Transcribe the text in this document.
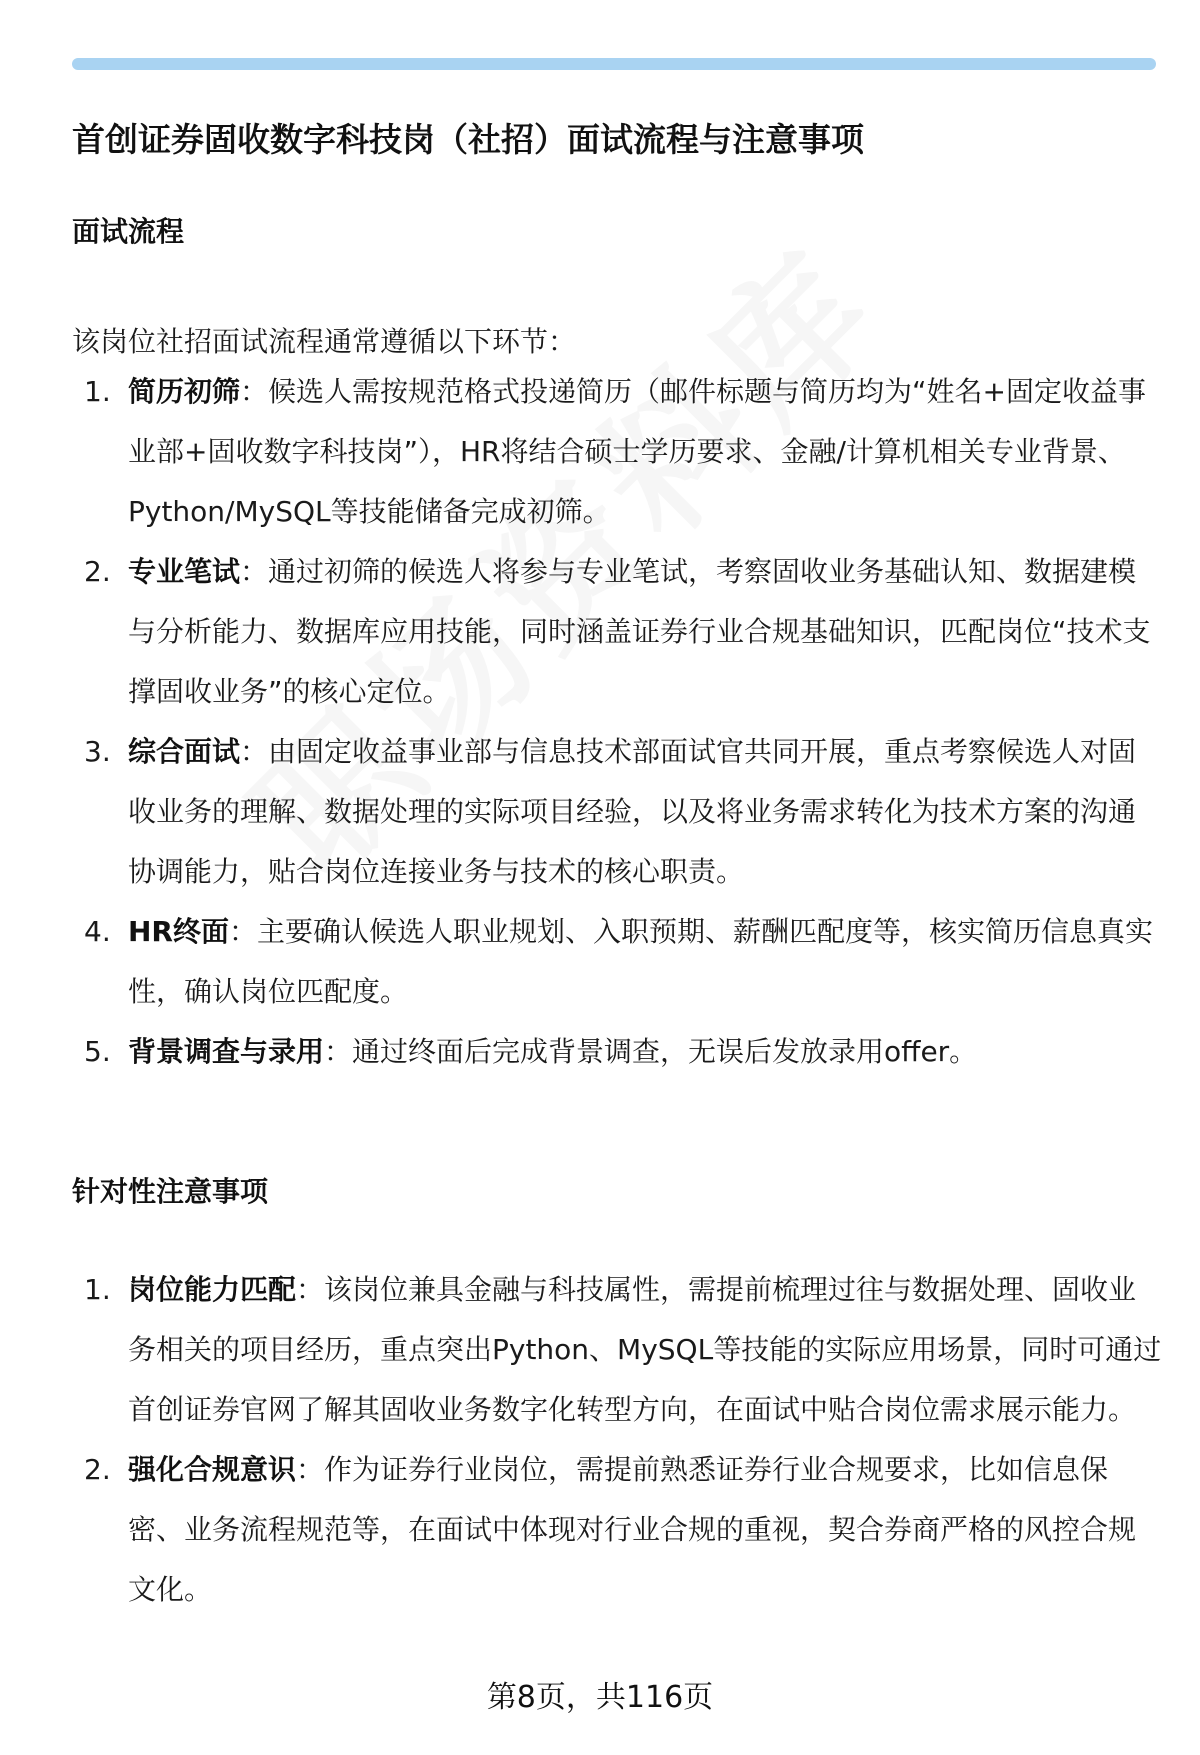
首创证券固收数字科技岗（社招）面试流程与注意事项
面试流程

该岗位社招面试流程通常遵循以下环节：

1. 简历初筛：候选人需按规范格式投递简历（邮件标题与简历均为“姓名+固定收益事业部+固收数字科技岗”），HR将结合硕士学历要求、金融/计算机相关专业背景、Python/MySQL等技能储备完成初筛。
2. 专业笔试：通过初筛的候选人将参与专业笔试，考察固收业务基础认知、数据建模与分析能力、数据库应用技能，同时涵盖证券行业合规基础知识，匹配岗位“技术支撑固收业务”的核心定位。
3. 综合面试：由固定收益事业部与信息技术部面试官共同开展，重点考察候选人对固收业务的理解、数据处理的实际项目经验，以及将业务需求转化为技术方案的沟通协调能力，贴合岗位连接业务与技术的核心职责。
4. HR终面：主要确认候选人职业规划、入职预期、薪酬匹配度等，核实简历信息真实性，确认岗位匹配度。
5. 背景调查与录用：通过终面后完成背景调查，无误后发放录用offer。
针对性注意事项
1. 岗位能力匹配：该岗位兼具金融与科技属性，需提前梳理过往与数据处理、固收业务相关的项目经历，重点突出Python、MySQL等技能的实际应用场景，同时可通过首创证券官网了解其固收业务数字化转型方向，在面试中贴合岗位需求展示能力。
2. 强化合规意识：作为证券行业岗位，需提前熟悉证券行业合规要求，比如信息保密、业务流程规范等，在面试中体现对行业合规的重视，契合券商严格的风控合规文化。
第8页，共116页
